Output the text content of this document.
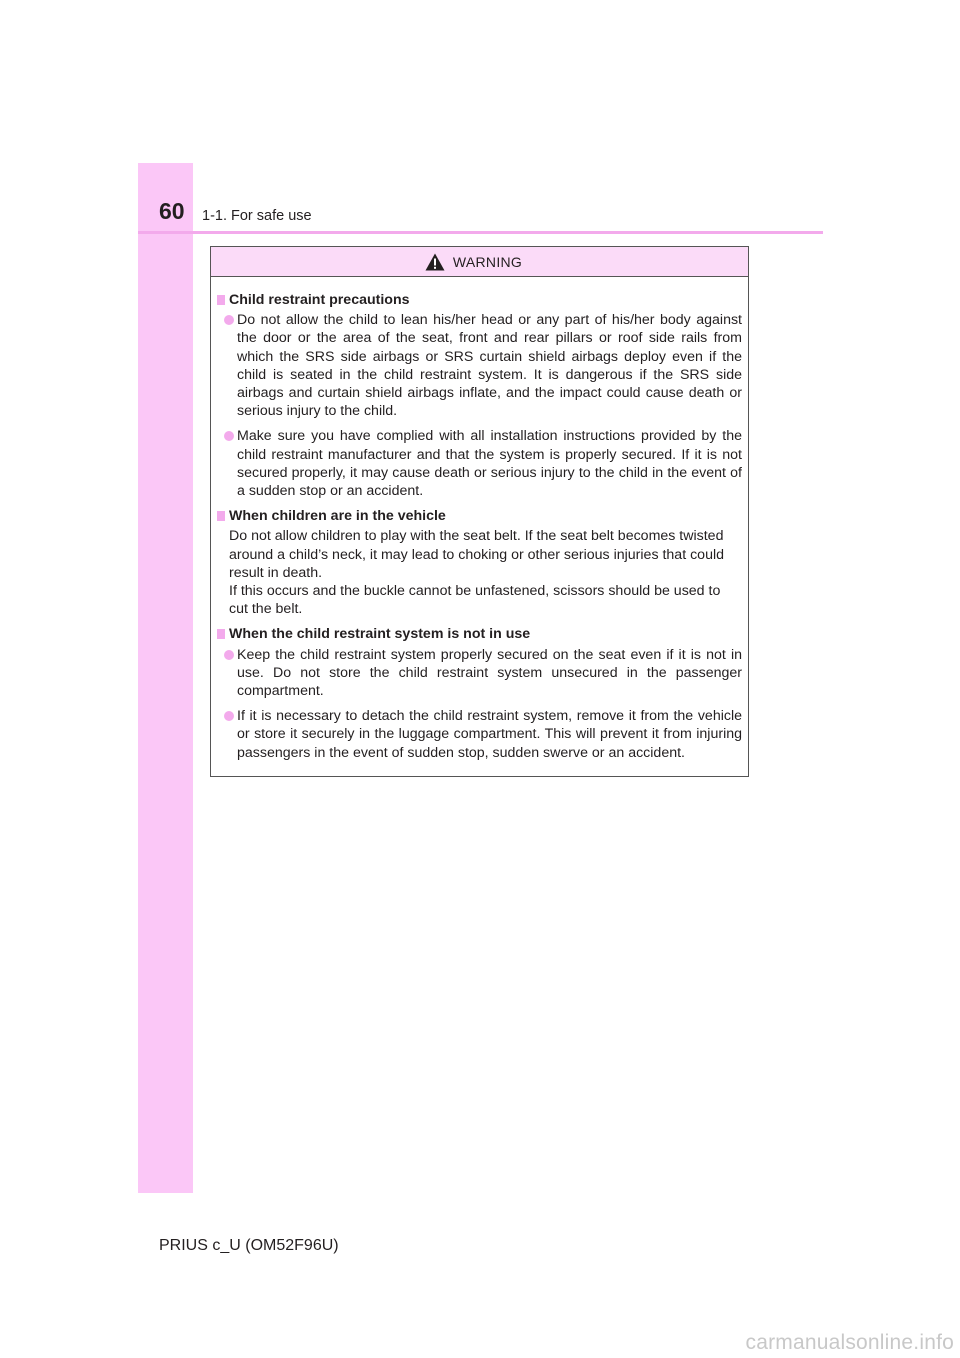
60 1-1. For safe use
WARNING
Child restraint precautions
Do not allow the child to lean his/her head or any part of his/her body against the door or the area of the seat, front and rear pillars or roof side rails from which the SRS side airbags or SRS curtain shield airbags deploy even if the child is seated in the child restraint system. It is dangerous if the SRS side airbags and curtain shield airbags inflate, and the impact could cause death or serious injury to the child.
Make sure you have complied with all installation instructions provided by the child restraint manufacturer and that the system is properly secured. If it is not secured properly, it may cause death or serious injury to the child in the event of a sudden stop or an accident.
When children are in the vehicle
Do not allow children to play with the seat belt. If the seat belt becomes twisted around a child’s neck, it may lead to choking or other serious injuries that could result in death.
If this occurs and the buckle cannot be unfastened, scissors should be used to cut the belt.
When the child restraint system is not in use
Keep the child restraint system properly secured on the seat even if it is not in use. Do not store the child restraint system unsecured in the passenger compartment.
If it is necessary to detach the child restraint system, remove it from the vehicle or store it securely in the luggage compartment. This will prevent it from injuring passengers in the event of sudden stop, sudden swerve or an accident.
PRIUS c_U (OM52F96U)
carmanualsonline.info
